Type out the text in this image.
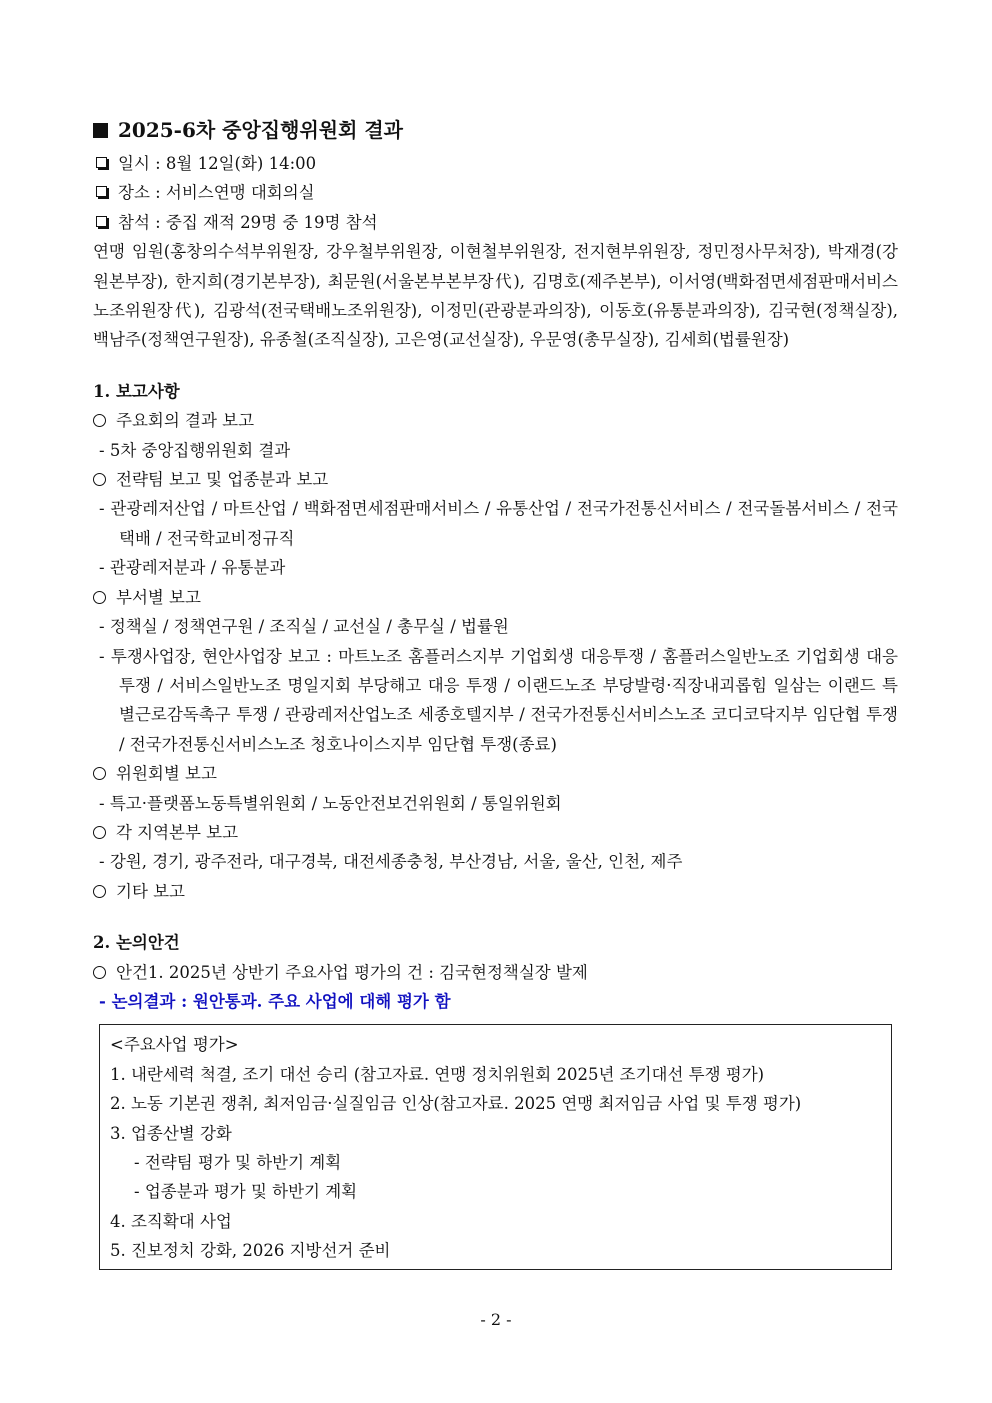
2025-6차 중앙집행위원회 결과
일시 : 8월 12일(화) 14:00
장소 : 서비스연맹 대회의실
참석 : 중집 재적 29명 중 19명 참석
연맹 임원(홍창의수석부위원장, 강우철부위원장, 이현철부위원장, 전지현부위원장, 정민정사무처장), 박재경(강원본부장), 한지희(경기본부장), 최문원(서울본부본부장代), 김명호(제주본부), 이서영(백화점면세점판매서비스노조위원장代), 김광석(전국택배노조위원장), 이정민(관광분과의장), 이동호(유통분과의장), 김국현(정책실장), 백남주(정책연구원장), 유종철(조직실장), 고은영(교선실장), 우문영(총무실장), 김세희(법률원장)
1. 보고사항
주요회의 결과 보고
- 5차 중앙집행위원회 결과
전략팀 보고 및 업종분과 보고
- 관광레저산업 / 마트산업 / 백화점면세점판매서비스 / 유통산업 / 전국가전통신서비스 / 전국돌봄서비스 / 전국택배 / 전국학교비정규직
- 관광레저분과 / 유통분과
부서별 보고
- 정책실 / 정책연구원 / 조직실 / 교선실 / 총무실 / 법률원
- 투쟁사업장, 현안사업장 보고 : 마트노조 홈플러스지부 기업회생 대응투쟁 / 홈플러스일반노조 기업회생 대응투쟁 / 서비스일반노조 명일지회 부당해고 대응 투쟁 / 이랜드노조 부당발령·직장내괴롭힘 일삼는 이랜드 특별근로감독촉구 투쟁 / 관광레저산업노조 세종호텔지부 / 전국가전통신서비스노조 코디코닥지부 임단협 투쟁 / 전국가전통신서비스노조 청호나이스지부 임단협 투쟁(종료)
위원회별 보고
- 특고·플랫폼노동특별위원회 / 노동안전보건위원회 / 통일위원회
각 지역본부 보고
- 강원, 경기, 광주전라, 대구경북, 대전세종충청, 부산경남, 서울, 울산, 인천, 제주
기타 보고
2. 논의안건
안건1. 2025년 상반기 주요사업 평가의 건 : 김국현정책실장 발제
- 논의결과 : 원안통과. 주요 사업에 대해 평가 함
<주요사업 평가>
1. 내란세력 척결, 조기 대선 승리 (참고자료. 연맹 정치위원회 2025년 조기대선 투쟁 평가)
2. 노동 기본권 쟁취, 최저임금·실질임금 인상(참고자료. 2025 연맹 최저임금 사업 및 투쟁 평가)
3. 업종산별 강화
- 전략팀 평가 및 하반기 계획
- 업종분과 평가 및 하반기 계획
4. 조직확대 사업
5. 진보정치 강화, 2026 지방선거 준비
- 2 -
